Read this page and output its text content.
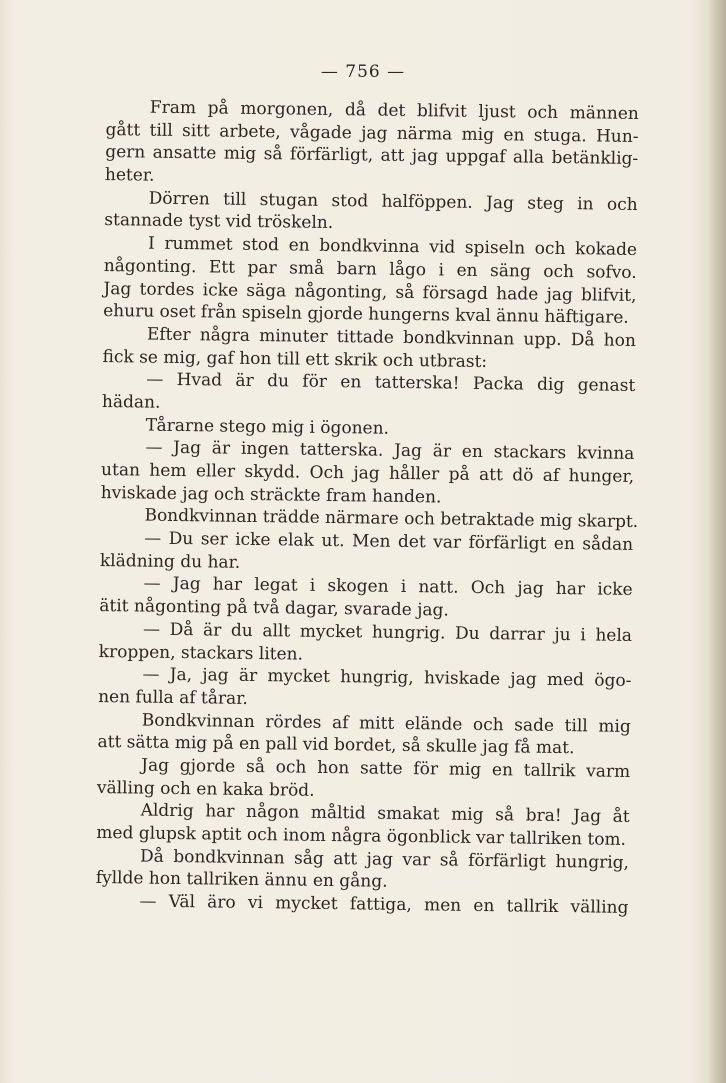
— 756 —
Fram på morgonen, då det blifvit ljust och männen
gått till sitt arbete, vågade jag närma mig en stuga. Hun-
gern ansatte mig så förfärligt, att jag uppgaf alla betänklig-
heter.
Dörren till stugan stod halföppen. Jag steg in och
stannade tyst vid tröskeln.
I rummet stod en bondkvinna vid spiseln och kokade
någonting. Ett par små barn lågo i en säng och sofvo.
Jag tordes icke säga någonting, så försagd hade jag blifvit,
ehuru oset från spiseln gjorde hungerns kval ännu häftigare.
Efter några minuter tittade bondkvinnan upp. Då hon
fick se mig, gaf hon till ett skrik och utbrast:
— Hvad är du för en tatterska! Packa dig genast
hädan.
Tårarne stego mig i ögonen.
— Jag är ingen tatterska. Jag är en stackars kvinna
utan hem eller skydd. Och jag håller på att dö af hunger,
hviskade jag och sträckte fram handen.
Bondkvinnan trädde närmare och betraktade mig skarpt.
— Du ser icke elak ut. Men det var förfärligt en sådan
klädning du har.
— Jag har legat i skogen i natt. Och jag har icke
ätit någonting på två dagar, svarade jag.
— Då är du allt mycket hungrig. Du darrar ju i hela
kroppen, stackars liten.
— Ja, jag är mycket hungrig, hviskade jag med ögo-
nen fulla af tårar.
Bondkvinnan rördes af mitt elände och sade till mig
att sätta mig på en pall vid bordet, så skulle jag få mat.
Jag gjorde så och hon satte för mig en tallrik varm
välling och en kaka bröd.
Aldrig har någon måltid smakat mig så bra! Jag åt
med glupsk aptit och inom några ögonblick var tallriken tom.
Då bondkvinnan såg att jag var så förfärligt hungrig,
fyllde hon tallriken ännu en gång.
— Väl äro vi mycket fattiga, men en tallrik välling
